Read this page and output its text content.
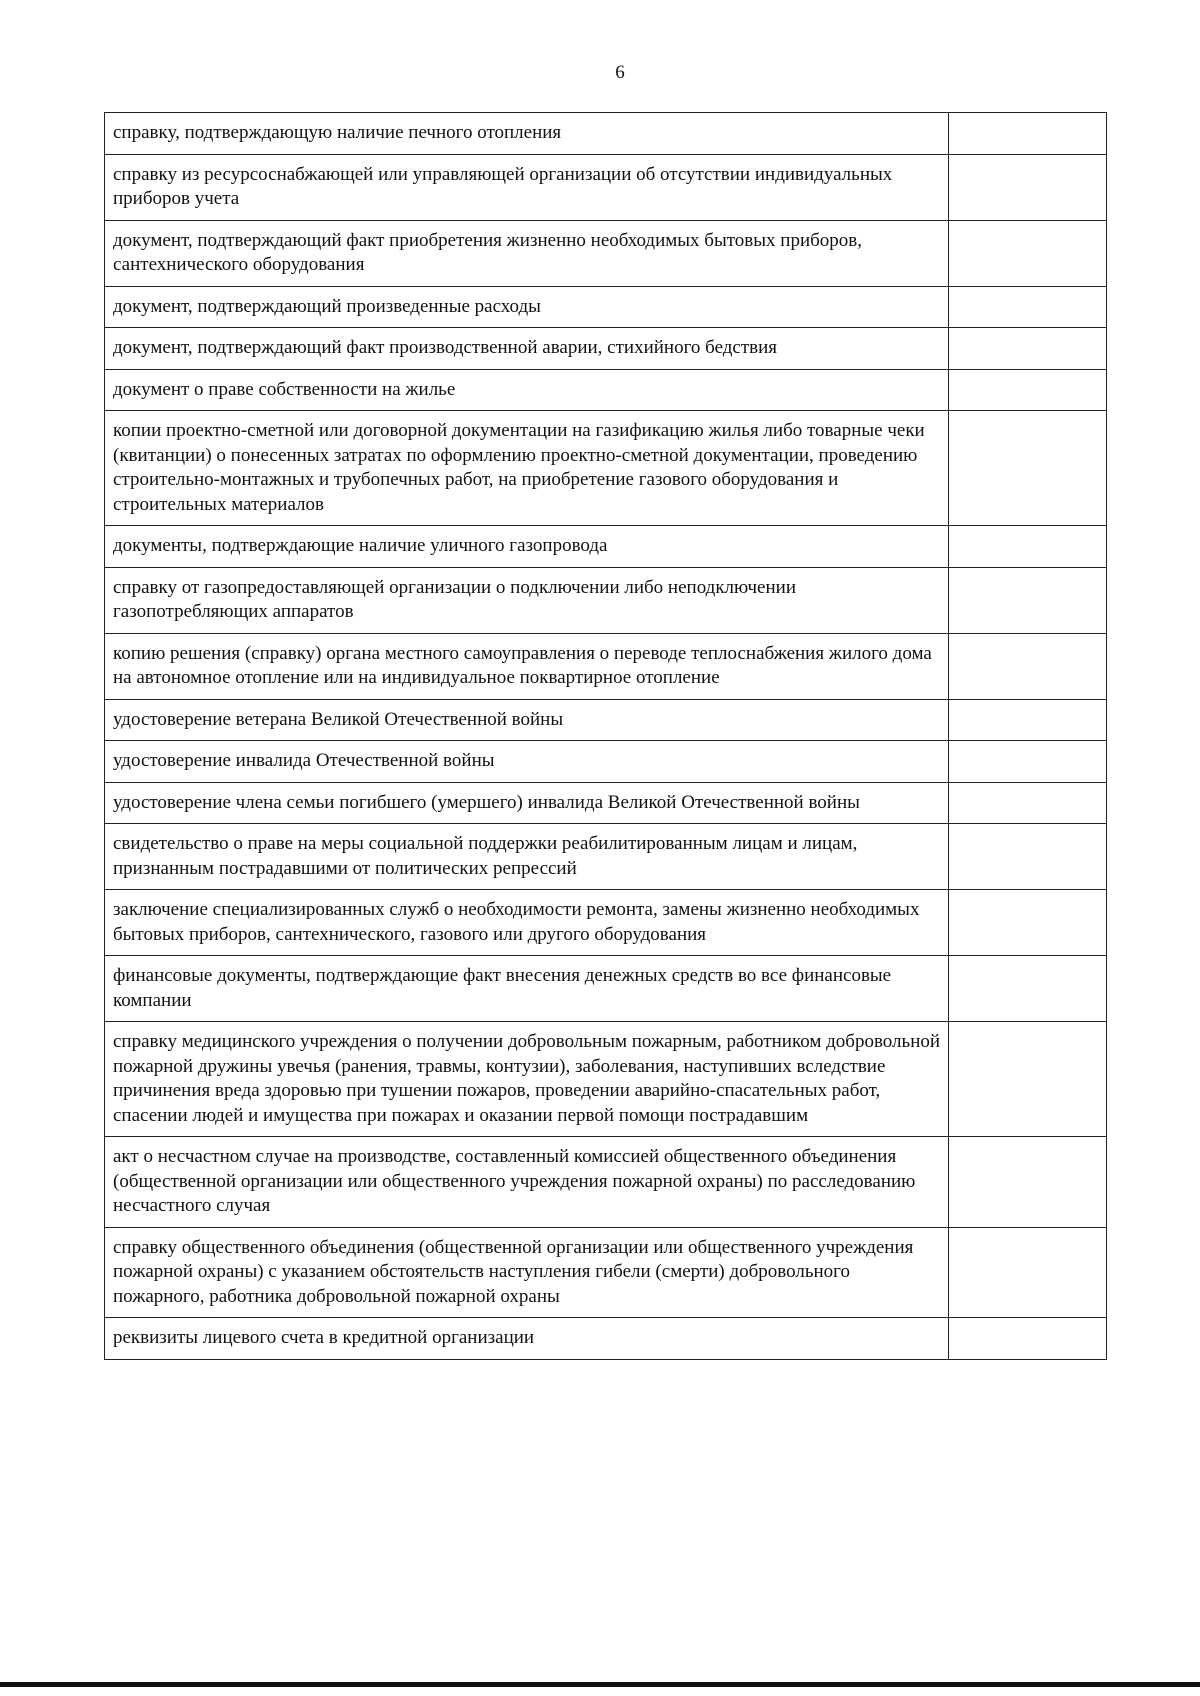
6
справку, подтверждающую наличие печного отопления	
справку из ресурсоснабжающей или управляющей организации об отсутствии индивидуальных приборов учета	
документ, подтверждающий факт приобретения жизненно необходимых бытовых приборов, сантехнического оборудования	
документ, подтверждающий произведенные расходы	
документ, подтверждающий факт производственной аварии, стихийного бедствия	
документ о праве собственности на жилье	
копии проектно-сметной или договорной документации на газификацию жилья либо товарные чеки (квитанции) о понесенных затратах по оформлению проектно-сметной документации, проведению строительно-монтажных и трубопечных работ, на приобретение газового оборудования и строительных материалов	
документы, подтверждающие наличие уличного газопровода	
справку от газопредоставляющей организации о подключении либо неподключении газопотребляющих аппаратов	
копию решения (справку) органа местного самоуправления о переводе теплоснабжения жилого дома на автономное отопление или на индивидуальное поквартирное отопление	
удостоверение ветерана Великой Отечественной войны	
удостоверение инвалида Отечественной войны	
удостоверение члена семьи погибшего (умершего) инвалида Великой Отечественной войны	
свидетельство о праве на меры социальной поддержки реабилитированным лицам и лицам, признанным пострадавшими от политических репрессий	
заключение специализированных служб о необходимости ремонта, замены жизненно необходимых бытовых приборов, сантехнического, газового или другого оборудования	
финансовые документы, подтверждающие факт внесения денежных средств во все финансовые компании	
справку медицинского учреждения о получении добровольным пожарным, работником добровольной пожарной дружины увечья (ранения, травмы, контузии), заболевания, наступивших вследствие причинения вреда здоровью при тушении пожаров, проведении аварийно-спасательных работ, спасении людей и имущества при пожарах и оказании первой помощи пострадавшим	
акт о несчастном случае на производстве, составленный комиссией общественного объединения (общественной организации или общественного учреждения пожарной охраны) по расследованию несчастного случая	
справку общественного объединения (общественной организации или общественного учреждения пожарной охраны) с указанием обстоятельств наступления гибели (смерти) добровольного пожарного, работника добровольной пожарной охраны	
реквизиты лицевого счета в кредитной организации	
